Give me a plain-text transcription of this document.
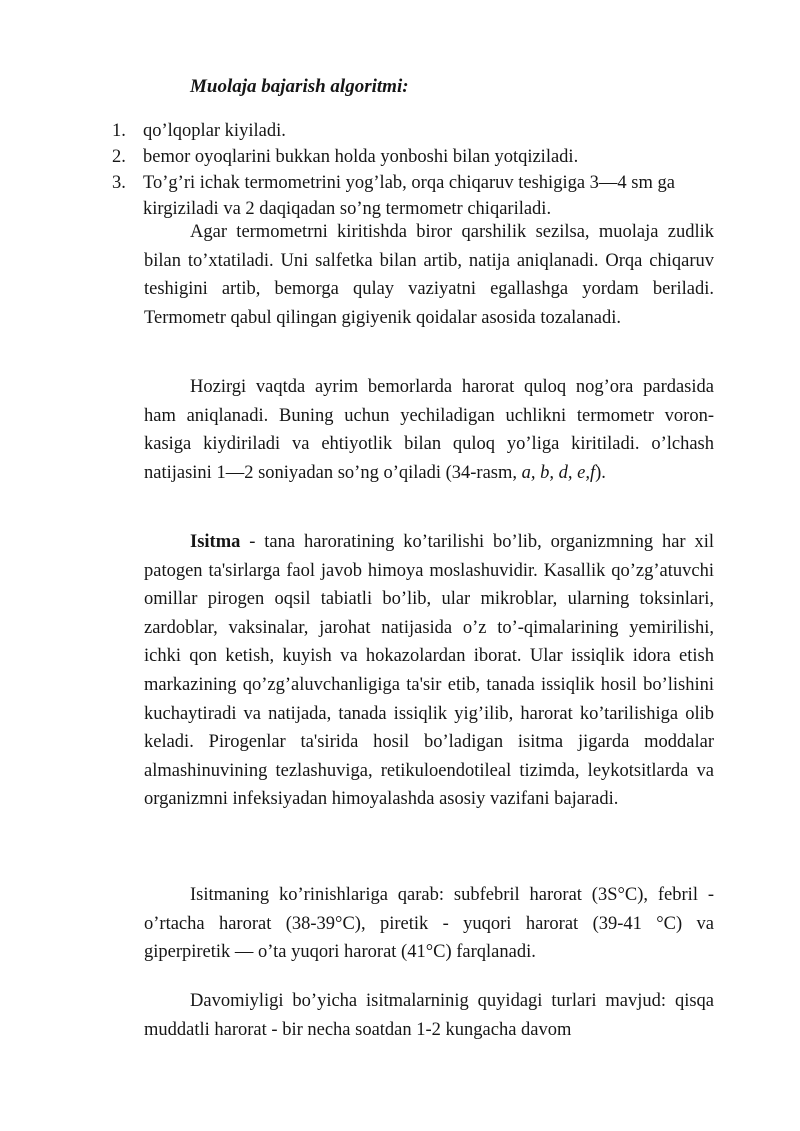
Muolaja bajarish algoritmi:
1. qo’lqoplar kiyiladi.
2. bemor oyoqlarini bukkan holda yonboshi bilan yotqiziladi.
3. To’g’ri ichak termometrini yog’lab, orqa chiqaruv teshigiga 3—4 sm ga kirgiziladi va 2 daqiqadan so’ng termometr chiqariladi.

Agar termometrni kiritishda biror qarshilik sezilsa, muolaja zudlik bilan to’xtatiladi. Uni salfetka bilan artib, natija aniqlanadi. Orqa chiqaruv teshigini artib, bemorga qulay vaziyatni egallashga yordam beriladi. Termometr qabul qilingan gigiyenik qoidalar asosida tozalanadi.

Hozirgi vaqtda ayrim bemorlarda harorat quloq nog’ora pardasida ham aniqlanadi. Buning uchun yechiladigan uchlikni termometr voron-kasiga kiydiriladi va ehtiyotlik bilan quloq yo’liga kiritiladi. o’lchash natijasini 1—2 soniyadan so’ng o’qiladi (34-rasm, a, b, d, e,f).

Isitma - tana haroratining ko’tarilishi bo’lib, organizmning har xil patogen ta'sirlarga faol javob himoya moslashuvidir. Kasallik qo’zg’atuvchi omillar pirogen oqsil tabiatli bo’lib, ular mikroblar, ularning toksinlari, zardoblar, vaksinalar, jarohat natijasida o’z to’-qimalarining yemirilishi, ichki qon ketish, kuyish va hokazolardan iborat. Ular issiqlik idora etish markazining qo’zg’aluvchanligiga ta'sir etib, tanada issiqlik hosil bo’lishini kuchaytiradi va natijada, tanada issiqlik yig’ilib, harorat ko’tarilishiga olib keladi. Pirogenlar ta'sirida hosil bo’ladigan isitma jigarda moddalar almashinuvining tezlashuviga, retikuloendotileal tizimda, leykotsitlarda va organizmni infeksiyadan himoyalashda asosiy vazifani bajaradi.

Isitmaning ko’rinishlariga qarab: subfebril harorat (3S°C), febril - o’rtacha harorat (38-39°C), piretik - yuqori harorat (39-41 °C) va giperpiretik — o’ta yuqori harorat (41°C) farqlanadi.

Davomiyligi bo’yicha isitmalarninig quyidagi turlari mavjud: qisqa muddatli harorat - bir necha soatdan 1-2 kungacha davom
